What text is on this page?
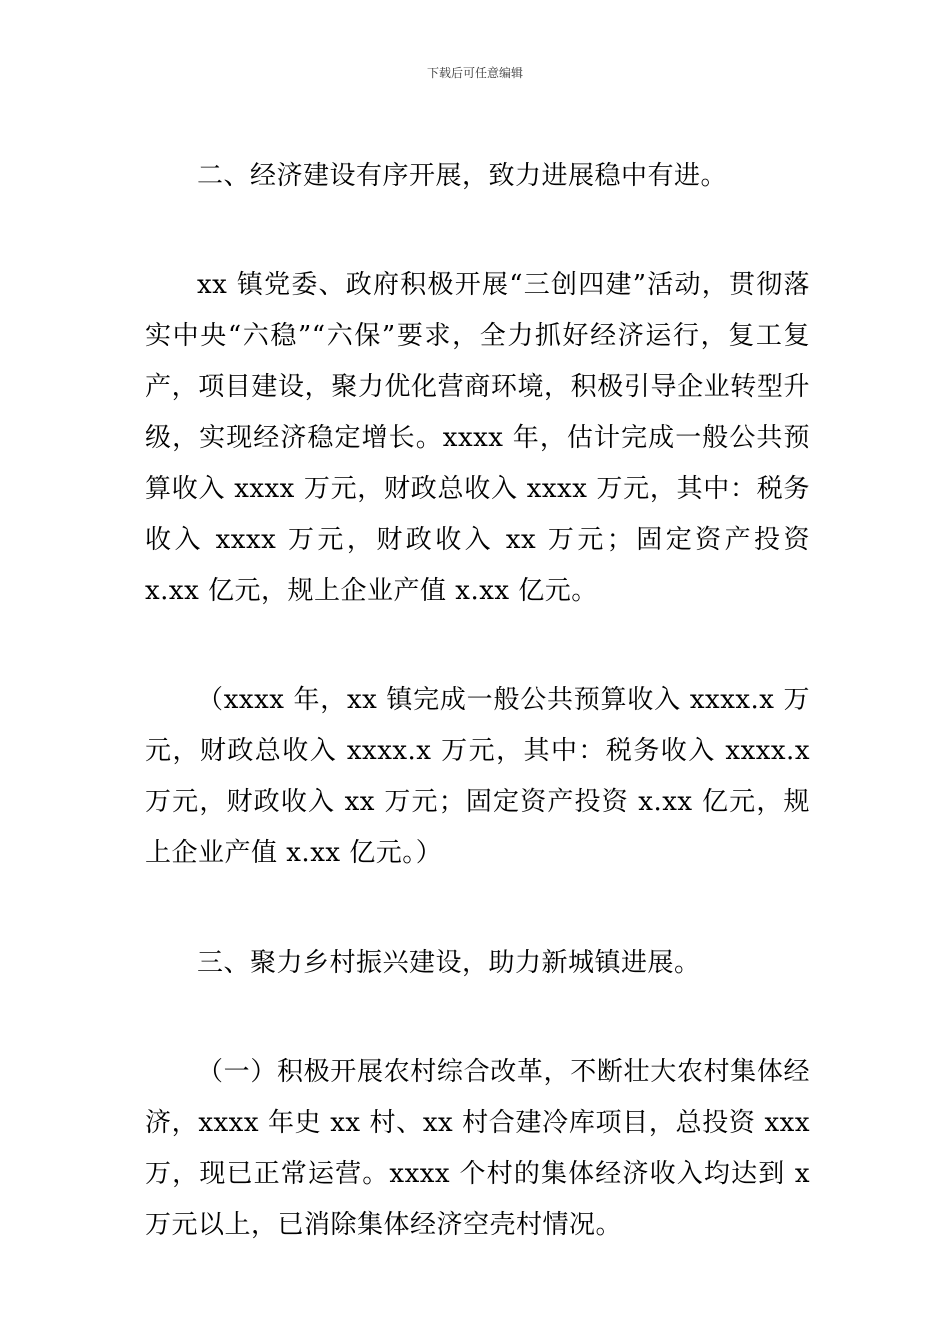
下载后可任意编辑

二、经济建设有序开展，致力进展稳中有进。

xx 镇党委、政府积极开展“三创四建”活动，贯彻落实中央“六稳”“六保”要求，全力抓好经济运行，复工复产，项目建设，聚力优化营商环境，积极引导企业转型升级，实现经济稳定增长。xxxx 年，估计完成一般公共预算收入 xxxx 万元，财政总收入 xxxx 万元，其中：税务收入 xxxx 万元，财政收入 xx 万元；固定资产投资 x.xx 亿元，规上企业产值 x.xx 亿元。

（xxxx 年，xx 镇完成一般公共预算收入 xxxx.x 万元，财政总收入 xxxx.x 万元，其中：税务收入 xxxx.x 万元，财政收入 xx 万元；固定资产投资 x.xx 亿元，规上企业产值 x.xx 亿元。）

三、聚力乡村振兴建设，助力新城镇进展。

（一）积极开展农村综合改革，不断壮大农村集体经济，xxxx 年史 xx 村、xx 村合建冷库项目，总投资 xxx 万，现已正常运营。xxxx 个村的集体经济收入均达到 x 万元以上，已消除集体经济空壳村情况。
